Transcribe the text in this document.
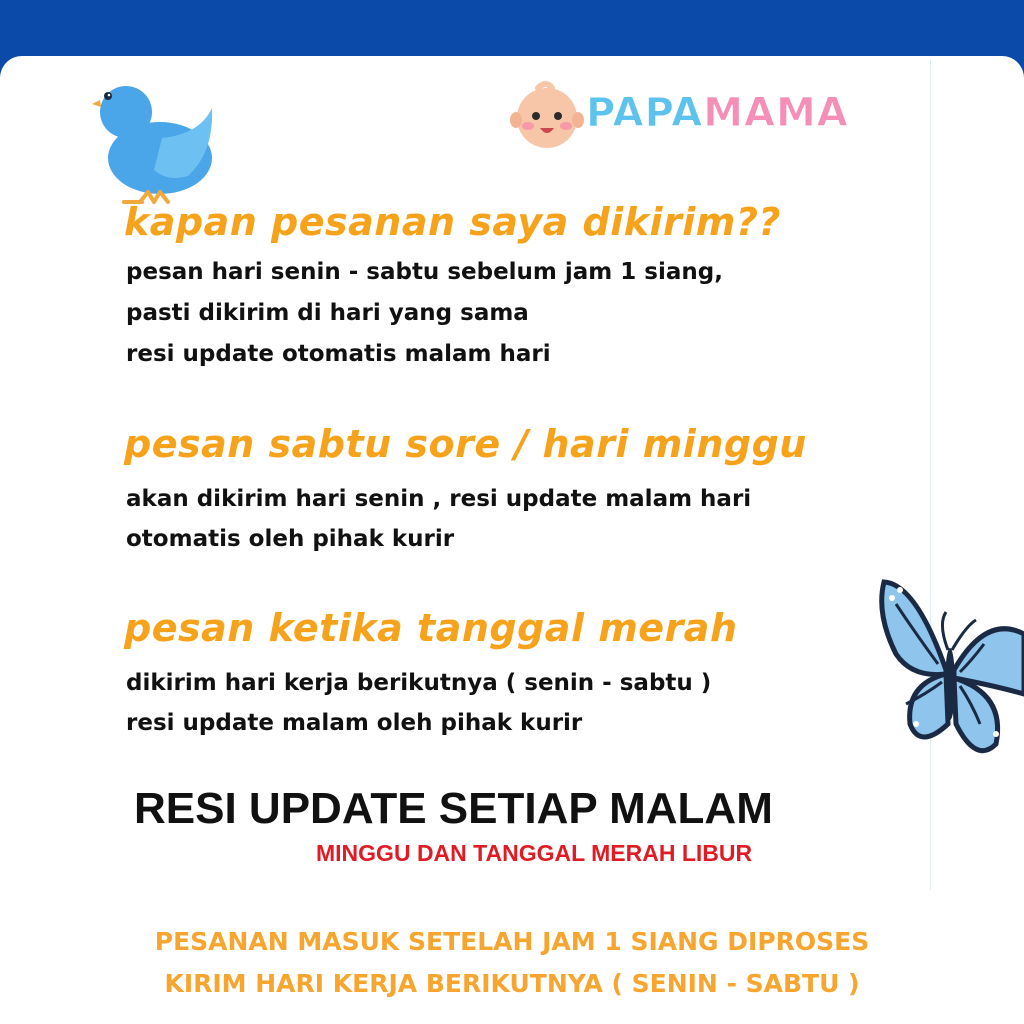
PAPAMAMA
kapan pesanan saya dikirim??
pesan hari senin - sabtu sebelum jam 1 siang,
pasti dikirim di hari yang sama
resi update otomatis malam hari
pesan sabtu sore / hari minggu
akan dikirim hari senin , resi update malam hari
otomatis oleh pihak kurir
pesan ketika tanggal merah
dikirim hari kerja berikutnya ( senin - sabtu )
resi update malam oleh pihak kurir
RESI UPDATE SETIAP MALAM
MINGGU DAN TANGGAL MERAH LIBUR
PESANAN MASUK SETELAH JAM 1 SIANG DIPROSES
KIRIM HARI KERJA BERIKUTNYA ( SENIN - SABTU )
